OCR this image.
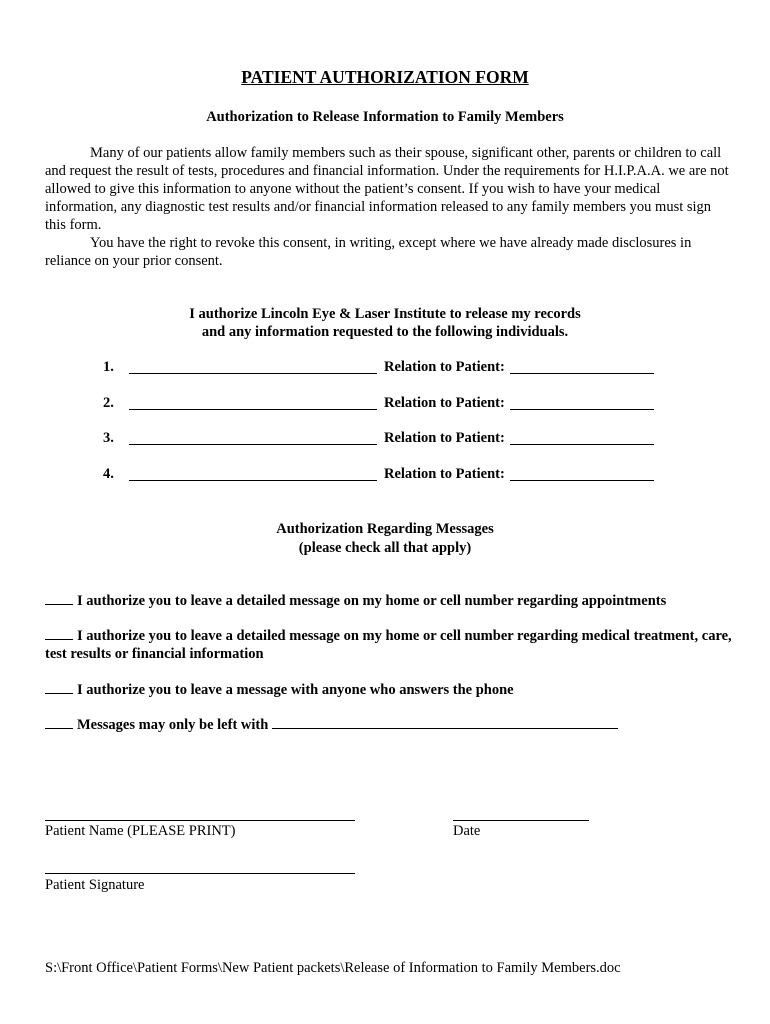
PATIENT AUTHORIZATION FORM
Authorization to Release Information to Family Members

Many of our patients allow family members such as their spouse, significant other, parents or children to call and request the result of tests, procedures and financial information. Under the requirements for H.I.P.A.A. we are not allowed to give this information to anyone without the patient’s consent. If you wish to have your medical information, any diagnostic test results and/or financial information released to any family members you must sign this form.

You have the right to revoke this consent, in writing, except where we have already made disclosures in reliance on your prior consent.

I authorize Lincoln Eye & Laser Institute to release my records
and any information requested to the following individuals.
1.	Relation to Patient:
2.	Relation to Patient:
3.	Relation to Patient:
4.	Relation to Patient:
Authorization Regarding Messages
(please check all that apply)
I authorize you to leave a detailed message on my home or cell number regarding appointments
I authorize you to leave a detailed message on my home or cell number regarding medical treatment, care, test results or financial information
I authorize you to leave a message with anyone who answers the phone
Messages may only be left with
Patient Name (PLEASE PRINT)	Date
Patient Signature
S:\Front Office\Patient Forms\New Patient packets\Release of Information to Family Members.doc
